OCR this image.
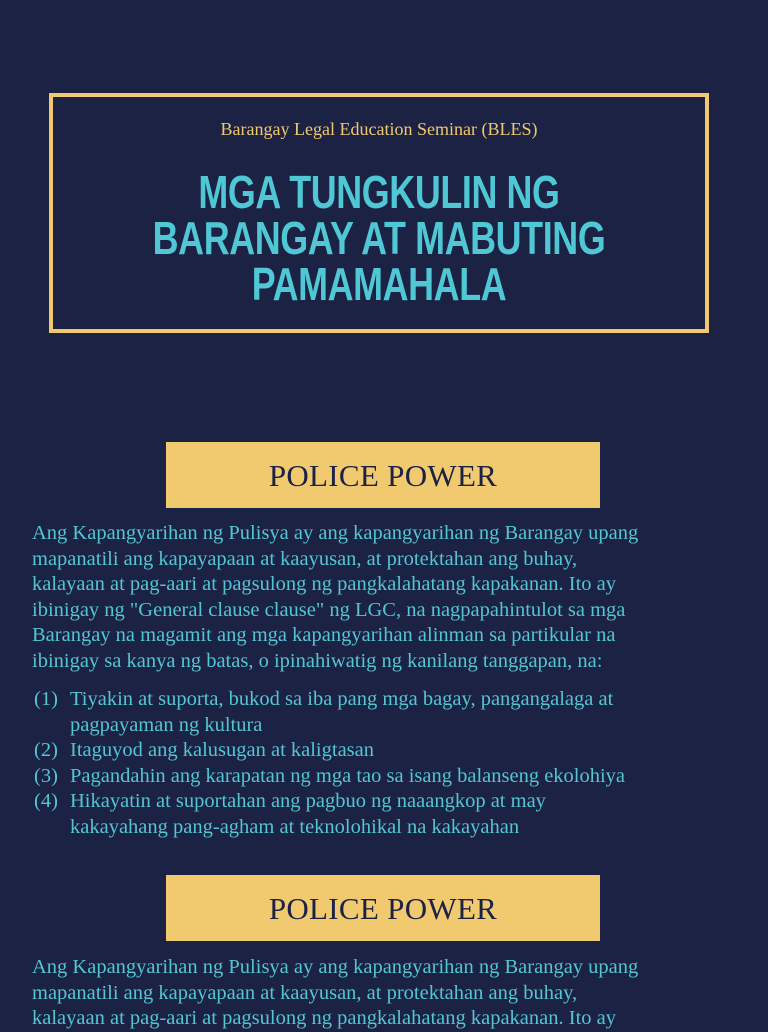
Barangay Legal Education Seminar (BLES)
MGA TUNGKULIN NG
BARANGAY AT MABUTING
PAMAMAHALA
POLICE POWER

Ang Kapangyarihan ng Pulisya ay ang kapangyarihan ng Barangay upang
mapanatili ang kapayapaan at kaayusan, at protektahan ang buhay,
kalayaan at pag-aari at pagsulong ng pangkalahatang kapakanan. Ito ay
ibinigay ng "General clause clause" ng LGC, na nagpapahintulot sa mga
Barangay na magamit ang mga kapangyarihan alinman sa partikular na
ibinigay sa kanya ng batas, o ipinahiwatig ng kanilang tanggapan, na:

(1) Tiyakin at suporta, bukod sa iba pang mga bagay, pangangalaga at
pagpayaman ng kultura
(2) Itaguyod ang kalusugan at kaligtasan
(3) Pagandahin ang karapatan ng mga tao sa isang balanseng ekolohiya
(4) Hikayatin at suportahan ang pagbuo ng naaangkop at may
kakayahang pang-agham at teknolohikal na kakayahan
POLICE POWER

Ang Kapangyarihan ng Pulisya ay ang kapangyarihan ng Barangay upang
mapanatili ang kapayapaan at kaayusan, at protektahan ang buhay,
kalayaan at pag-aari at pagsulong ng pangkalahatang kapakanan. Ito ay
